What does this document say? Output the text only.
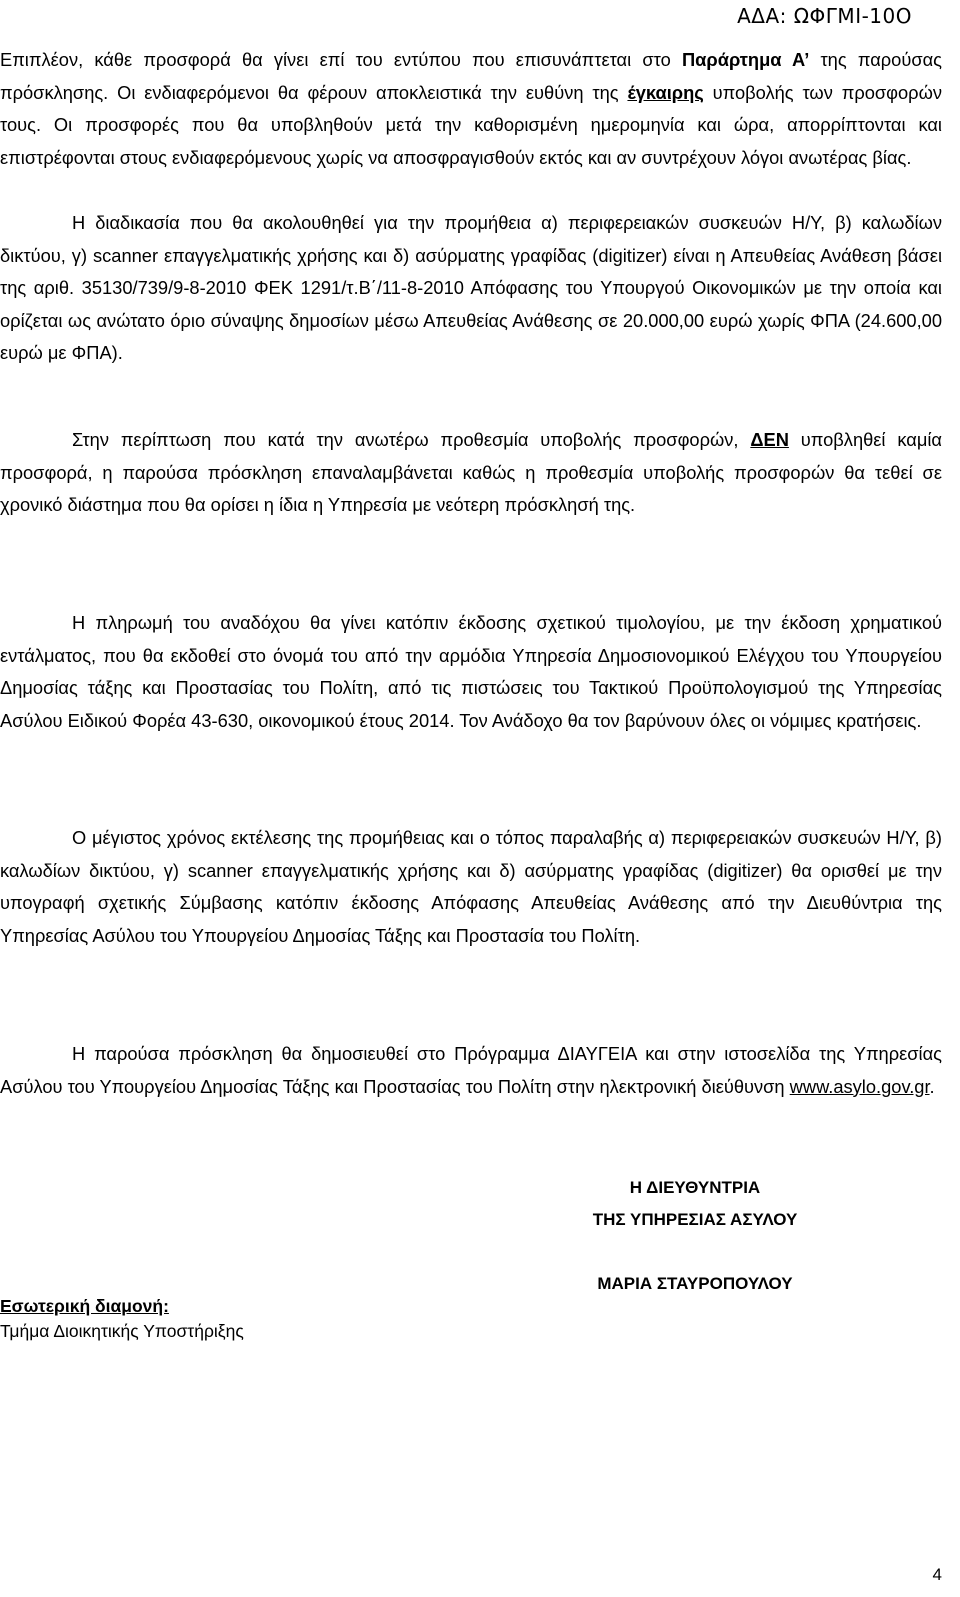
ΑΔΑ: ΩΦΓΜΙ-10Ο

Επιπλέον, κάθε προσφορά θα γίνει επί του εντύπου που επισυνάπτεται στο Παράρτημα Α’ της παρούσας πρόσκλησης. Οι ενδιαφερόμενοι θα φέρουν αποκλειστικά την ευθύνη της έγκαιρης υποβολής των προσφορών τους. Οι προσφορές που θα υποβληθούν μετά την καθορισμένη ημερομηνία και ώρα, απορρίπτονται και επιστρέφονται στους ενδιαφερόμενους χωρίς να αποσφραγισθούν εκτός και αν συντρέχουν λόγοι ανωτέρας βίας.

Η διαδικασία που θα ακολουθηθεί για την προμήθεια α) περιφερειακών συσκευών Η/Υ, β) καλωδίων δικτύου, γ) scanner επαγγελματικής χρήσης και δ) ασύρματης γραφίδας (digitizer) είναι η Απευθείας Ανάθεση βάσει της αριθ. 35130/739/9-8-2010 ΦΕΚ 1291/τ.Β΄/11-8-2010 Απόφασης του Υπουργού Οικονομικών με την οποία και ορίζεται ως ανώτατο όριο σύναψης δημοσίων μέσω Απευθείας Ανάθεσης σε 20.000,00 ευρώ χωρίς ΦΠΑ (24.600,00 ευρώ με ΦΠΑ).

Στην περίπτωση που κατά την ανωτέρω προθεσμία υποβολής προσφορών, ΔΕΝ υποβληθεί καμία προσφορά, η παρούσα πρόσκληση επαναλαμβάνεται καθώς η προθεσμία υποβολής προσφορών θα τεθεί σε χρονικό διάστημα που θα ορίσει η ίδια η Υπηρεσία με νεότερη πρόσκλησή της.

Η πληρωμή του αναδόχου θα γίνει κατόπιν έκδοσης σχετικού τιμολογίου, με την έκδοση χρηματικού εντάλματος, που θα εκδοθεί στο όνομά του από την αρμόδια Υπηρεσία Δημοσιονομικού Ελέγχου του Υπουργείου Δημοσίας τάξης και Προστασίας του Πολίτη, από τις πιστώσεις του Τακτικού Προϋπολογισμού της Υπηρεσίας Ασύλου Ειδικού Φορέα 43-630, οικονομικού έτους 2014. Τον Ανάδοχο θα τον βαρύνουν όλες οι νόμιμες κρατήσεις.

Ο μέγιστος χρόνος εκτέλεσης της προμήθειας και ο τόπος παραλαβής α) περιφερειακών συσκευών Η/Υ, β) καλωδίων δικτύου, γ) scanner επαγγελματικής χρήσης και δ) ασύρματης γραφίδας (digitizer) θα ορισθεί με την υπογραφή σχετικής Σύμβασης κατόπιν έκδοσης Απόφασης Απευθείας Ανάθεσης από την Διευθύντρια της Υπηρεσίας Ασύλου του Υπουργείου Δημοσίας Τάξης και Προστασία του Πολίτη.

Η παρούσα πρόσκληση θα δημοσιευθεί στο Πρόγραμμα ΔΙΑΥΓΕΙΑ και στην ιστοσελίδα της Υπηρεσίας Ασύλου του Υπουργείου Δημοσίας Τάξης και Προστασίας του Πολίτη στην ηλεκτρονική διεύθυνση www.asylo.gov.gr.

Η ΔΙΕΥΘΥΝΤΡΙΑ
ΤΗΣ ΥΠΗΡΕΣΙΑΣ ΑΣΥΛΟΥ
ΜΑΡΙΑ ΣΤΑΥΡΟΠΟΥΛΟΥ
Εσωτερική διαμονή:
Τμήμα Διοικητικής Υποστήριξης
4
